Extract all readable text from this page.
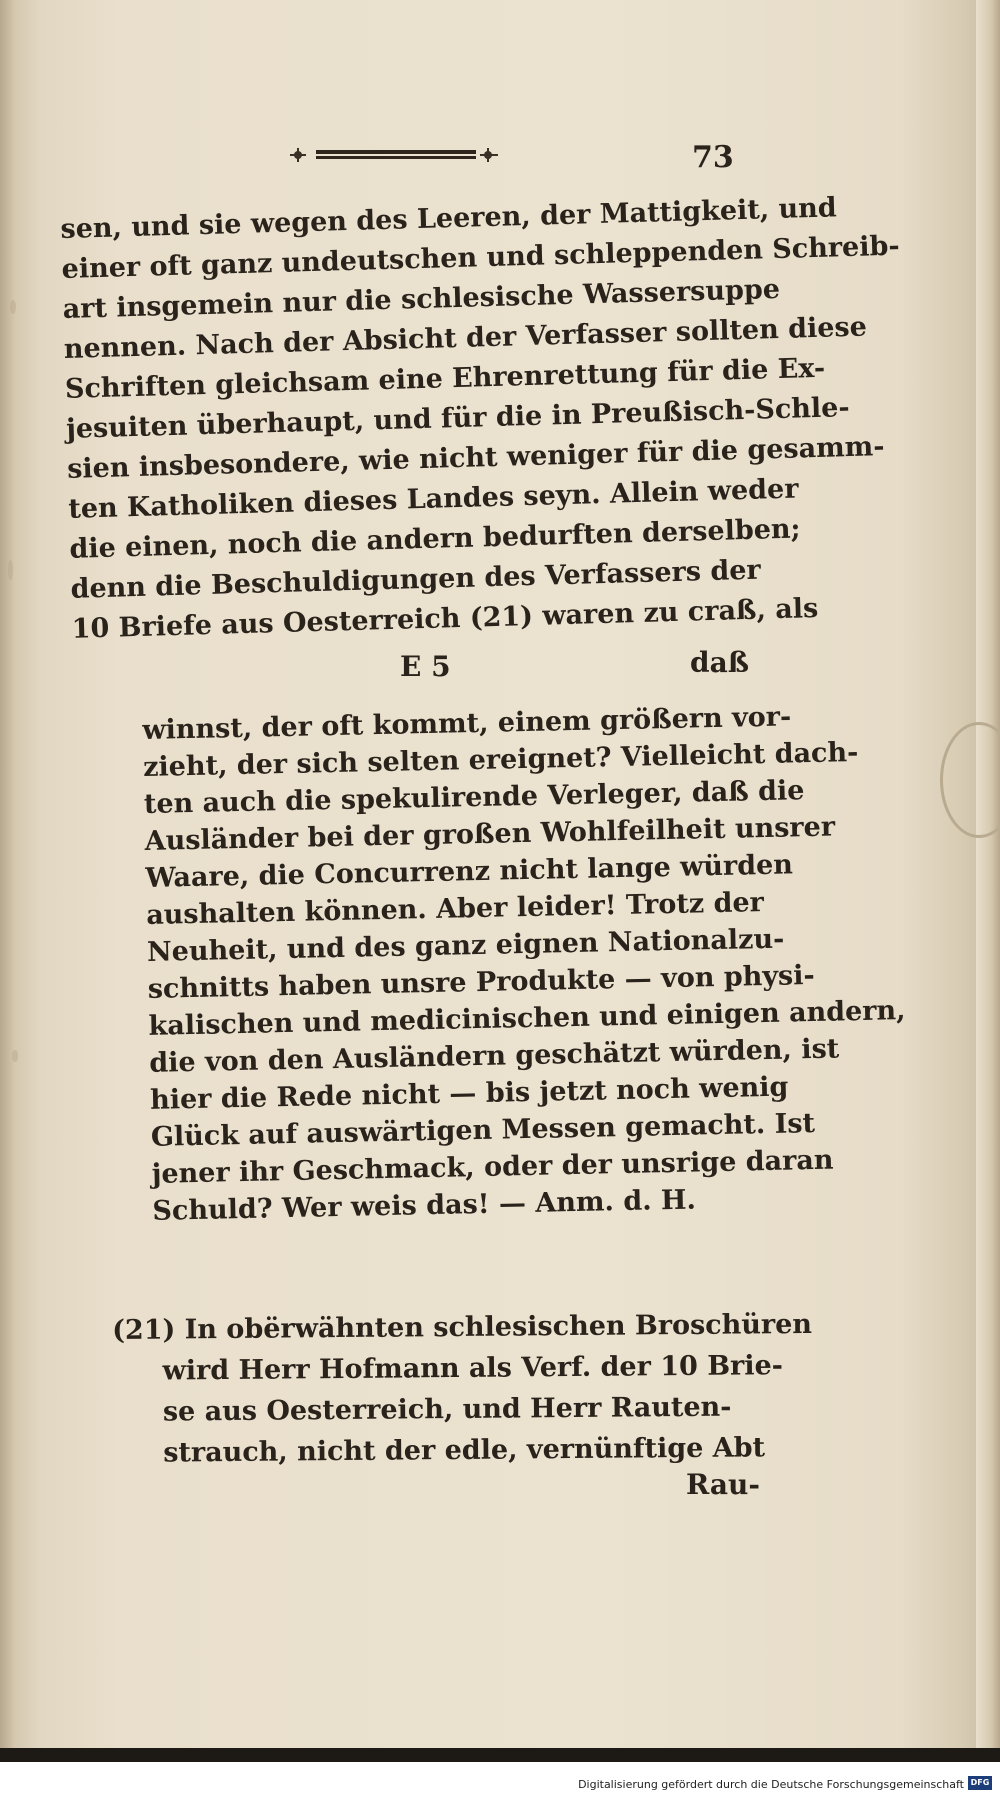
73
sen, und sie wegen des Leeren, der Mattigkeit, und
einer oft ganz undeutschen und schleppenden Schreib-
art insgemein nur die schlesische Wassersuppe
nennen. Nach der Absicht der Verfasser sollten diese
Schriften gleichsam eine Ehrenrettung für die Ex-
jesuiten überhaupt, und für die in Preußisch-Schle-
sien insbesondere, wie nicht weniger für die gesamm-
ten Katholiken dieses Landes seyn. Allein weder
die einen, noch die andern bedurften derselben;
denn die Beschuldigungen des Verfassers der
10 Briefe aus Oesterreich (21) waren zu craß, als
E 5	daß
winnst, der oft kommt, einem größern vor-
zieht, der sich selten ereignet? Vielleicht dach-
ten auch die spekulirende Verleger, daß die
Ausländer bei der großen Wohlfeilheit unsrer
Waare, die Concurrenz nicht lange würden
aushalten können. Aber leider! Trotz der
Neuheit, und des ganz eignen Nationalzu-
schnitts haben unsre Produkte — von physi-
kalischen und medicinischen und einigen andern,
die von den Ausländern geschätzt würden, ist
hier die Rede nicht — bis jetzt noch wenig
Glück auf auswärtigen Messen gemacht. Ist
jener ihr Geschmack, oder der unsrige daran
Schuld? Wer weis das! — Anm. d. H.
(21) In obërwähnten schlesischen Broschüren
wird Herr Hofmann als Verf. der 10 Brie-
se aus Oesterreich, und Herr Rauten-
strauch, nicht der edle, vernünftige Abt
Rau-
Digitalisierung gefördert durch die Deutsche Forschungsgemeinschaft DFG
